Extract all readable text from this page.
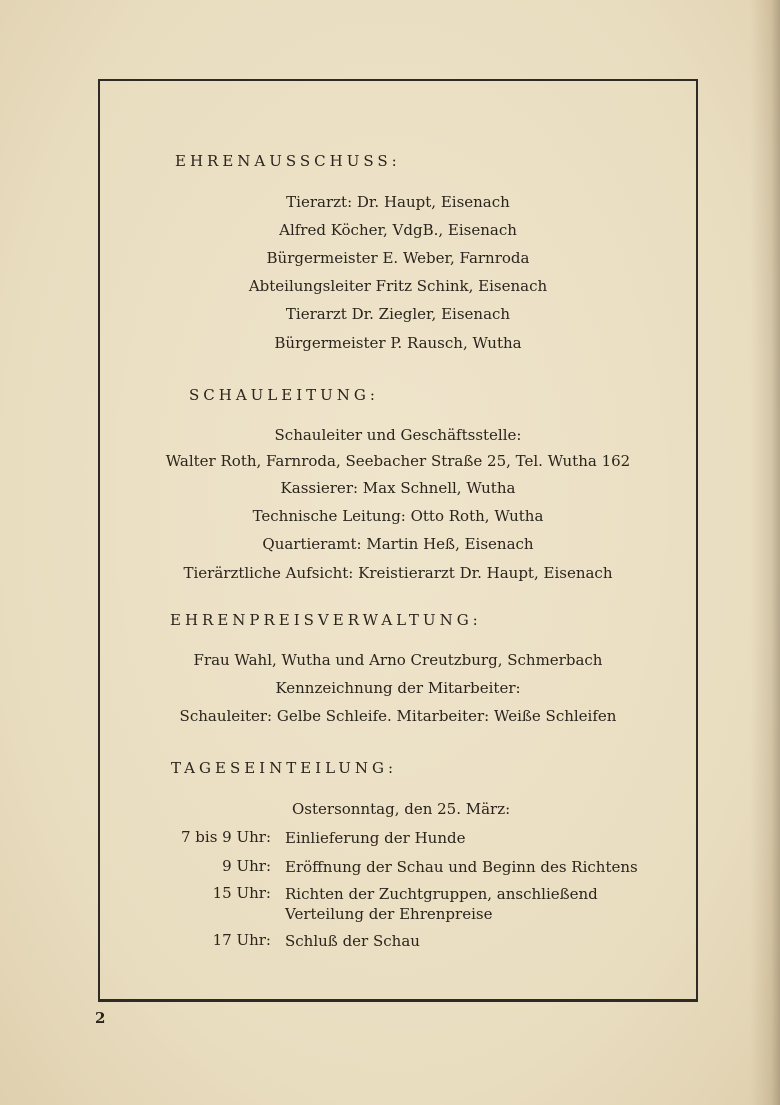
EHRENAUSSCHUSS:
Tierarzt: Dr. Haupt, Eisenach
Alfred Köcher, VdgB., Eisenach
Bürgermeister E. Weber, Farnroda
Abteilungsleiter Fritz Schink, Eisenach
Tierarzt Dr. Ziegler, Eisenach
Bürgermeister P. Rausch, Wutha
SCHAULEITUNG:
Schauleiter und Geschäftsstelle:
Walter Roth, Farnroda, Seebacher Straße 25, Tel. Wutha 162
Kassierer: Max Schnell, Wutha
Technische Leitung: Otto Roth, Wutha
Quartieramt: Martin Heß, Eisenach
Tierärztliche Aufsicht: Kreistierarzt Dr. Haupt, Eisenach
EHRENPREISVERWALTUNG:
Frau Wahl, Wutha und Arno Creutzburg, Schmerbach
Kennzeichnung der Mitarbeiter:
Schauleiter: Gelbe Schleife. Mitarbeiter: Weiße Schleifen
TAGESEINTEILUNG:
Ostersonntag, den 25. März:
7 bis 9 Uhr: Einlieferung der Hunde
9 Uhr: Eröffnung der Schau und Beginn des Richtens
15 Uhr: Richten der Zuchtgruppen, anschließend Verteilung der Ehrenpreise
17 Uhr: Schluß der Schau
2
